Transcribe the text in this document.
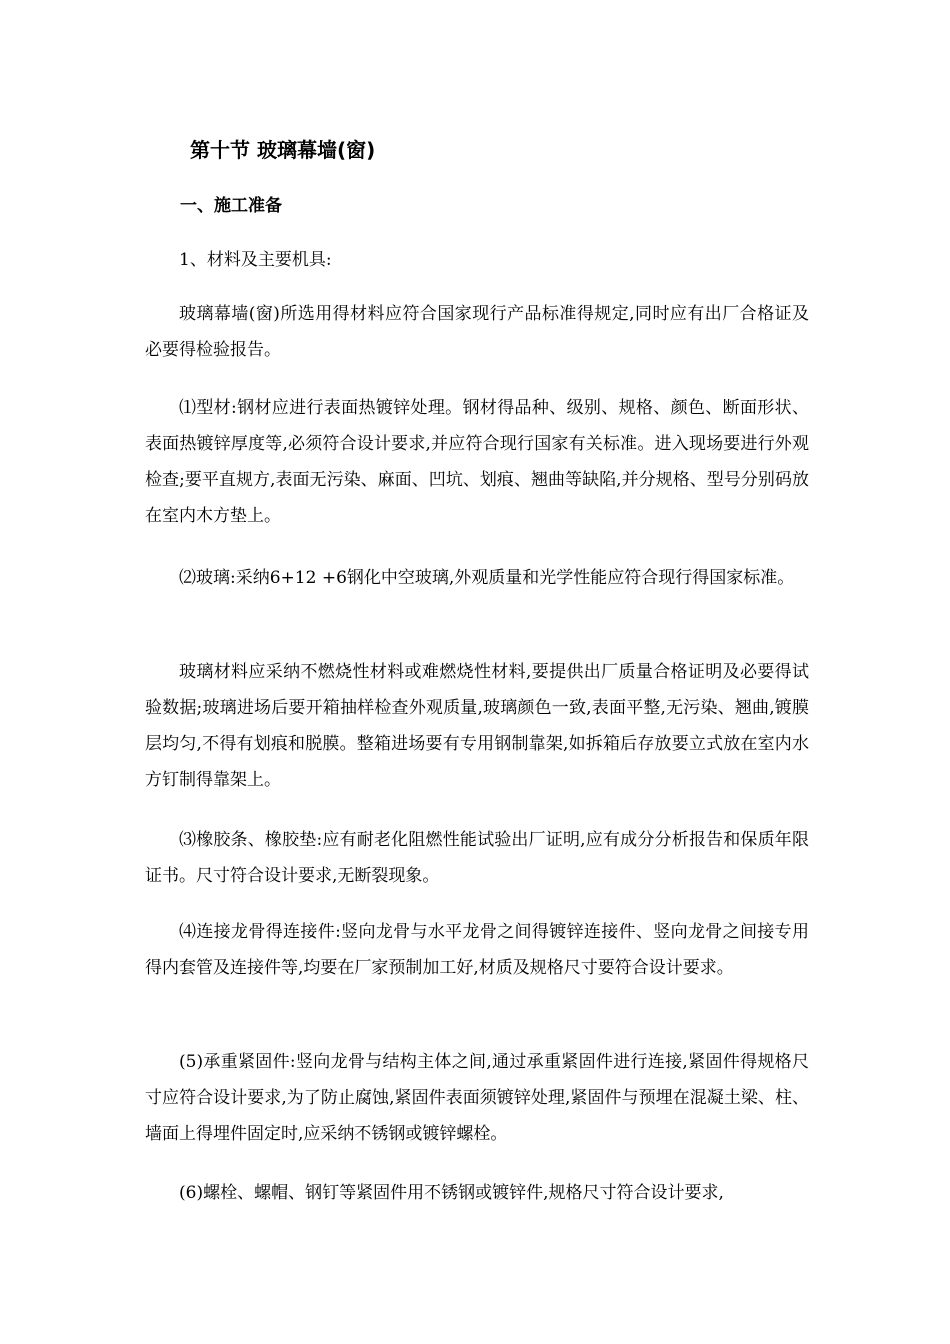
第十节 玻璃幕墙(窗)
一、施工准备

1、材料及主要机具:

玻璃幕墙(窗)所选用得材料应符合国家现行产品标准得规定,同时应有出厂合格证及必要得检验报告。

⑴型材:钢材应进行表面热镀锌处理。钢材得品种、级别、规格、颜色、断面形状、表面热镀锌厚度等,必须符合设计要求,并应符合现行国家有关标准。进入现场要进行外观检查;要平直规方,表面无污染、麻面、凹坑、划痕、翘曲等缺陷,并分规格、型号分别码放在室内木方垫上。

⑵玻璃:采纳6+12 +6钢化中空玻璃,外观质量和光学性能应符合现行得国家标准。

玻璃材料应采纳不燃烧性材料或难燃烧性材料,要提供出厂质量合格证明及必要得试验数据;玻璃进场后要开箱抽样检查外观质量,玻璃颜色一致,表面平整,无污染、翘曲,镀膜层均匀,不得有划痕和脱膜。整箱进场要有专用钢制靠架,如拆箱后存放要立式放在室内水方钉制得靠架上。

⑶橡胶条、橡胶垫:应有耐老化阻燃性能试验出厂证明,应有成分分析报告和保质年限证书。尺寸符合设计要求,无断裂现象。

⑷连接龙骨得连接件:竖向龙骨与水平龙骨之间得镀锌连接件、竖向龙骨之间接专用得内套管及连接件等,均要在厂家预制加工好,材质及规格尺寸要符合设计要求。

(5)承重紧固件:竖向龙骨与结构主体之间,通过承重紧固件进行连接,紧固件得规格尺寸应符合设计要求,为了防止腐蚀,紧固件表面须镀锌处理,紧固件与预埋在混凝土梁、柱、墙面上得埋件固定时,应采纳不锈钢或镀锌螺栓。

(6)螺栓、螺帽、钢钉等紧固件用不锈钢或镀锌件,规格尺寸符合设计要求,
